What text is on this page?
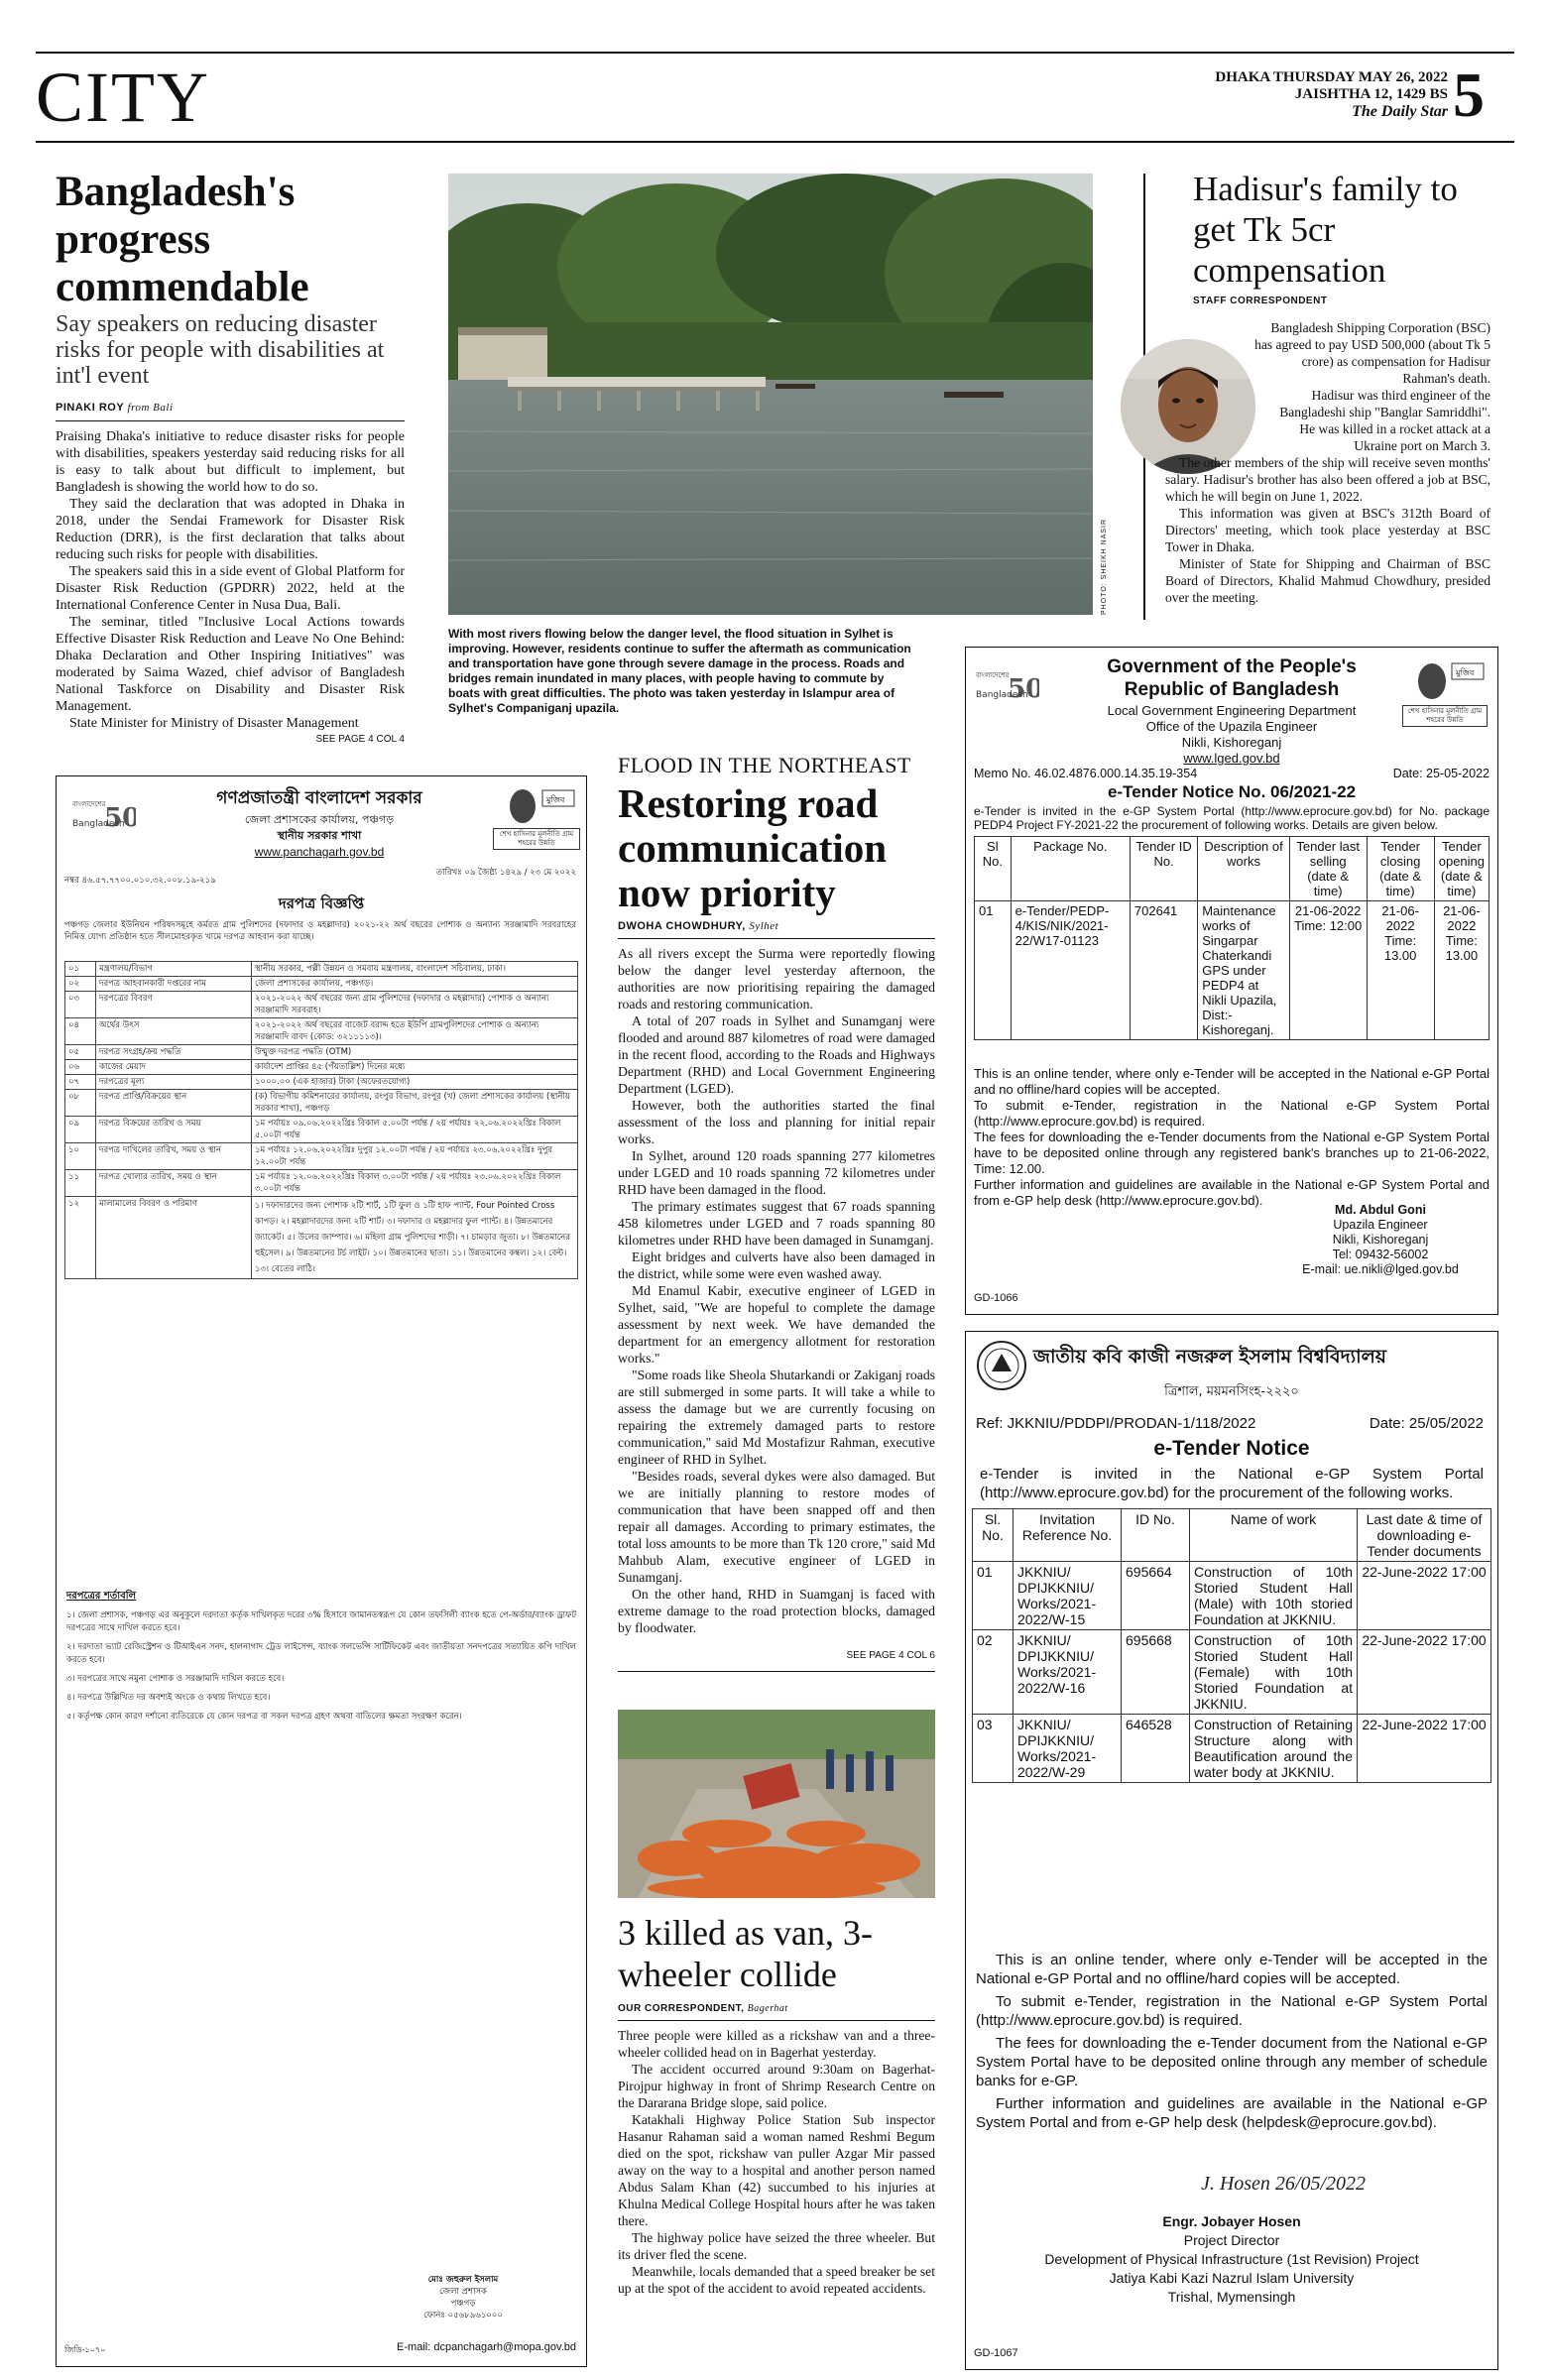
CITY	DHAKA THURSDAY MAY 26, 2022
JAISHTHA 12, 1429 BS
The Daily Star 5
Bangladesh's progress commendable
Say speakers on reducing disaster risks for people with disabilities at int'l event
PINAKI ROY from Bali

Praising Dhaka's initiative to reduce disaster risks for people with disabilities, speakers yesterday said reducing risks for all is easy to talk about but difficult to implement, but Bangladesh is showing the world how to do so.

They said the declaration that was adopted in Dhaka in 2018, under the Sendai Framework for Disaster Risk Reduction (DRR), is the first declaration that talks about reducing such risks for people with disabilities.

The speakers said this in a side event of Global Platform for Disaster Risk Reduction (GPDRR) 2022, held at the International Conference Center in Nusa Dua, Bali.

The seminar, titled "Inclusive Local Actions towards Effective Disaster Risk Reduction and Leave No One Behind: Dhaka Declaration and Other Inspiring Initiatives" was moderated by Saima Wazed, chief advisor of Bangladesh National Taskforce on Disability and Disaster Risk Management.

State Minister for Ministry of Disaster Management

SEE PAGE 4 COL 4
PHOTO: SHEIKH NASIR
With most rivers flowing below the danger level, the flood situation in Sylhet is improving. However, residents continue to suffer the aftermath as communication and transportation have gone through severe damage in the process. Roads and bridges remain inundated in many places, with people having to commute by boats with great difficulties. The photo was taken yesterday in Islampur area of Sylhet's Companiganj upazila.
Hadisur's family to get Tk 5cr compensation
STAFF CORRESPONDENT

Bangladesh Shipping Corporation (BSC) has agreed to pay USD 500,000 (about Tk 5 crore) as compensation for Hadisur Rahman's death.

Hadisur was third engineer of the Bangladeshi ship "Banglar Samriddhi". He was killed in a rocket attack at a Ukraine port on March 3.

The other members of the ship will receive seven months' salary. Hadisur's brother has also been offered a job at BSC, which he will begin on June 1, 2022.

This information was given at BSC's 312th Board of Directors' meeting, which took place yesterday at BSC Tower in Dhaka.

Minister of State for Shipping and Chairman of BSC Board of Directors, Khalid Mahmud Chowdhury, presided over the meeting.

FLOOD IN THE NORTHEAST
Restoring road communication now priority
DWOHA CHOWDHURY, Sylhet

As all rivers except the Surma were reportedly flowing below the danger level yesterday afternoon, the authorities are now prioritising repairing the damaged roads and restoring communication.

A total of 207 roads in Sylhet and Sunamganj were flooded and around 887 kilometres of road were damaged in the recent flood, according to the Roads and Highways Department (RHD) and Local Government Engineering Department (LGED).

However, both the authorities started the final assessment of the loss and planning for initial repair works.

In Sylhet, around 120 roads spanning 277 kilometres under LGED and 10 roads spanning 72 kilometres under RHD have been damaged in the flood.

The primary estimates suggest that 67 roads spanning 458 kilometres under LGED and 7 roads spanning 80 kilometres under RHD have been damaged in Sunamganj.

Eight bridges and culverts have also been damaged in the district, while some were even washed away.

Md Enamul Kabir, executive engineer of LGED in Sylhet, said, "We are hopeful to complete the damage assessment by next week. We have demanded the department for an emergency allotment for restoration works."

"Some roads like Sheola Shutarkandi or Zakiganj roads are still submerged in some parts. It will take a while to assess the damage but we are currently focusing on repairing the extremely damaged parts to restore communication," said Md Mostafizur Rahman, executive engineer of RHD in Sylhet.

"Besides roads, several dykes were also damaged. But we are initially planning to restore modes of communication that have been snapped off and then repair all damages. According to primary estimates, the total loss amounts to be more than Tk 120 crore," said Md Mahbub Alam, executive engineer of LGED in Sunamganj.

On the other hand, RHD in Suamganj is faced with extreme damage to the road protection blocks, damaged by floodwater.

SEE PAGE 4 COL 6
3 killed as van, 3-wheeler collide
OUR CORRESPONDENT, Bagerhat

Three people were killed as a rickshaw van and a three-wheeler collided head on in Bagerhat yesterday.

The accident occurred around 9:30am on Bagerhat-Pirojpur highway in front of Shrimp Research Centre on the Dararana Bridge slope, said police.

Katakhali Highway Police Station Sub inspector Hasanur Rahaman said a woman named Reshmi Begum died on the spot, rickshaw van puller Azgar Mir passed away on the way to a hospital and another person named Abdus Salam Khan (42) succumbed to his injuries at Khulna Medical College Hospital hours after he was taken there.

The highway police have seized the three wheeler. But its driver fled the scene.

Meanwhile, locals demanded that a speed breaker be set up at the spot of the accident to avoid repeated accidents.

বাংলাদেশের
50
Bangladesh
Government of the People's
Republic of Bangladesh
Local Government Engineering Department
Office of the Upazila Engineer
Nikli, Kishoreganj
www.lged.gov.bd
মুজিব
শেখ হাসিনার মূলনীতি গ্রাম শহরের উন্নতি
Memo No. 46.02.4876.000.14.35.19-354	Date: 25-05-2022
e-Tender Notice No. 06/2021-22

e-Tender is invited in the e-GP System Portal (http://www.eprocure.gov.bd) for No. package PEDP4 Project FY-2021-22 the procurement of following works. Details are given below.

Sl No.	Package No.	Tender ID No.	Description of works	Tender last selling (date & time)	Tender closing (date & time)	Tender opening (date & time)
01	e-Tender/PEDP-4/KIS/NIK/2021-22/W17-01123	702641	Maintenance works of Singarpar Chaterkandi GPS under PEDP4 at Nikli Upazila, Dist:- Kishoreganj.	21-06-2022 Time: 12:00	21-06-2022 Time: 13.00	21-06-2022 Time: 13.00

This is an online tender, where only e-Tender will be accepted in the National e-GP Portal and no offline/hard copies will be accepted.

To submit e-Tender, registration in the National e-GP System Portal (http://www.eprocure.gov.bd) is required.

The fees for downloading the e-Tender documents from the National e-GP System Portal have to be deposited online through any registered bank's branches up to 21-06-2022, Time: 12.00.

Further information and guidelines are available in the National e-GP System Portal and from e-GP help desk (http://www.eprocure.gov.bd).

Md. Abdul Goni
Upazila Engineer
Nikli, Kishoreganj
Tel: 09432-56002
E-mail: ue.nikli@lged.gov.bd
GD-1066
জাতীয় কবি কাজী নজরুল ইসলাম বিশ্ববিদ্যালয়
ত্রিশাল, ময়মনসিংহ-২২২০
Ref: JKKNIU/PDDPI/PRODAN-1/118/2022	Date: 25/05/2022
e-Tender Notice

e-Tender is invited in the National e-GP System Portal (http://www.eprocure.gov.bd) for the procurement of the following works.

Sl. No.	Invitation Reference No.	ID No.	Name of work	Last date & time of downloading e-Tender documents
01	JKKNIU/ DPIJKKNIU/ Works/2021- 2022/W-15	695664	Construction of 10th Storied Student Hall (Male) with 10th storied Foundation at JKKNIU.	22-June-2022 17:00
02	JKKNIU/ DPIJKKNIU/ Works/2021- 2022/W-16	695668	Construction of 10th Storied Student Hall (Female) with 10th Storied Foundation at JKKNIU.	22-June-2022 17:00
03	JKKNIU/ DPIJKKNIU/ Works/2021- 2022/W-29	646528	Construction of Retaining Structure along with Beautification around the water body at JKKNIU.	22-June-2022 17:00

This is an online tender, where only e-Tender will be accepted in the National e-GP Portal and no offline/hard copies will be accepted.

To submit e-Tender, registration in the National e-GP System Portal (http://www.eprocure.gov.bd) is required.

The fees for downloading the e-Tender document from the National e-GP System Portal have to be deposited online through any member of schedule banks for e-GP.

Further information and guidelines are available in the National e-GP System Portal and from e-GP help desk (helpdesk@eprocure.gov.bd).

J. Hosen 26/05/2022
Engr. Jobayer Hosen
Project Director
Development of Physical Infrastructure (1st Revision) Project
Jatiya Kabi Kazi Nazrul Islam University
Trishal, Mymensingh
GD-1067
বাংলাদেশের
50
Bangladesh
গণপ্রজাতন্ত্রী বাংলাদেশ সরকার
জেলা প্রশাসকের কার্যালয়, পঞ্চগড়
স্থানীয় সরকার শাখা
www.panchagarh.gov.bd
মুজিব
শেখ হাসিনার মূলনীতি গ্রাম শহরের উন্নতি
নম্বর ৪৬.৫৭.৭৭০০.০১০.৩২.০০৮.১৯-২১৯
তারিখঃ ০৯ জৈষ্ঠ্য ১৪২৯ / ২৩ মে ২০২২
দরপত্র বিজ্ঞপ্তি
পঞ্চগড় জেলার ইউনিয়ন পরিষদসমূহে কর্মরত গ্রাম পুলিশদের (দফাদার ও মহল্লাদার) ২০২১-২২ অর্থ বছরের পোশাক ও অন্যান্য সরঞ্জামাদি সরবরাহের নিমিত্ত যোগ্য প্রতিষ্ঠান হতে সীলমোহরকৃত খামে দরপত্র আহবান করা যাচ্ছে।
০১	মন্ত্রণালয়/বিভাগ	স্থানীয় সরকার, পল্লী উন্নয়ন ও সমবায় মন্ত্রণালয়, বাংলাদেশ সচিবালয়, ঢাকা।
০২	দরপত্র আহবানকারী দপ্তরের নাম	জেলা প্রশাসকের কার্যালয়, পঞ্চগড়।
০৩	দরপত্রের বিবরণ	২০২১-২০২২ অর্থ বছরের জন্য গ্রাম পুলিশদের (দফাদার ও মহল্লাদার) পোশাক ও অন্যান্য সরঞ্জামাদি সরবরাহ।
০৪	অর্থের উৎস	২০২১-২০২২ অর্থ বছরের বাজেট বরাদ্দ হতে ইউপি গ্রামপুলিশদের পোশাক ও অন্যান্য সরঞ্জামাদি বাবদ (কোড: ৩২১১১১৩)।
০৫	দরপত্র সংগ্রহ/ক্রয় পদ্ধতি	উন্মুক্ত দরপত্র পদ্ধতি (OTM)
০৬	কাজের মেয়াদ	কার্যাদেশ প্রাপ্তির ৪৫ (পঁয়তাল্লিশ) দিনের মধ্যে
০৭	দরপত্রের মূল্য	১০০০.০০ (এক হাজার) টাকা (অফেরতযোগ্য)
০৮	দরপত্র প্রাপ্তি/বিক্রয়ের স্থান	(ক) বিভাগীয় কমিশনারের কার্যালয়, রংপুর বিভাগ, রংপুর (খ) জেলা প্রশাসকের কার্যালয় (স্থানীয় সরকার শাখা), পঞ্চগড়
০৯	দরপত্র বিক্রয়ের তারিখ ও সময়	১ম পর্যায়ঃ ০৯.০৬.২০২২খ্রিঃ বিকাল ৫.০০টা পর্যন্ত / ২য় পর্যায়ঃ ২২.০৬.২০২২খ্রিঃ বিকাল ৫.০০টা পর্যন্ত
১০	দরপত্র দাখিলের তারিখ, সময় ও স্থান	১ম পর্যায়ঃ ১২.০৬.২০২২খ্রিঃ দুপুর ১২.০০টা পর্যন্ত / ২য় পর্যায়ঃ ২৩.০৬.২০২২খ্রিঃ দুপুর ১২.০০টা পর্যন্ত
১১	দরপত্র খোলার তারিখ, সময় ও স্থান	১ম পর্যায়ঃ ১২.০৬.২০২২খ্রিঃ বিকাল ৩.০০টা পর্যন্ত / ২য় পর্যায়ঃ ২৩.০৬.২০২২খ্রিঃ বিকাল ৩.০০টা পর্যন্ত
১২	মালামালের বিবরণ ও পরিমাণ	১। দফাদারদের জন্য পোশাক ২টি শার্ট, ১টি ফুল ও ১টি হাফ প্যান্ট, Four Pointed Cross কাপড়। ২। মহল্লাদারদের জন্য ২টি শার্ট। ৩। দফাদার ও মহল্লাদার ফুল প্যান্ট। ৪। উন্নতমানের জ্যাকেট। ৫। উলের জাম্পার। ৬। মহিলা গ্রাম পুলিশদের শাড়ী। ৭। চামড়ার জুতা। ৮। উন্নতমানের হুইসেল। ৯। উন্নতমানের টর্চ লাইট। ১০। উন্নতমানের ছাতা। ১১। উন্নতমানের কম্বল। ১২। বেল্ট। ১৩। বেতের লাঠি।
দরপত্রের শর্তাবলি
১। জেলা প্রশাসক, পঞ্চগড় এর অনুকূলে দরদাতা কর্তৃক দাখিলকৃত দরের ৩% হিসাবে জামানতস্বরূপ যে কোন তফসিলী ব্যাংক হতে পে-অর্ডার/ব্যাংক ড্রাফট দরপত্রের সাথে দাখিল করতে হবে।
২। দরদাতা ভ্যাট রেজিস্ট্রেশন ও টিআইএন সনদ, হালনাগাদ ট্রেড লাইসেন্স, ব্যাংক সলভেন্সি সার্টিফিকেট এবং জাতীয়তা সনদপত্রের সত্যায়িত কপি দাখিল করতে হবে।
৩। দরপত্রের সাথে নমুনা পোশাক ও সরঞ্জামাদি দাখিল করতে হবে।
৪। দরপত্রে উল্লিখিত দর অবশ্যই অংকে ও কথায় লিখতে হবে।
৫। কর্তৃপক্ষ কোন কারণ দর্শানো ব্যতিরেকে যে কোন দরপত্র বা সকল দরপত্র গ্রহণ অথবা বাতিলের ক্ষমতা সংরক্ষণ করেন।
মোঃ জহুরুল ইসলাম
জেলা প্রশাসক
পঞ্চগড়
ফোনঃ ০৫৬৮৯৬১০০০
E-mail: dcpanchagarh@mopa.gov.bd
জিডি-১০৭০
